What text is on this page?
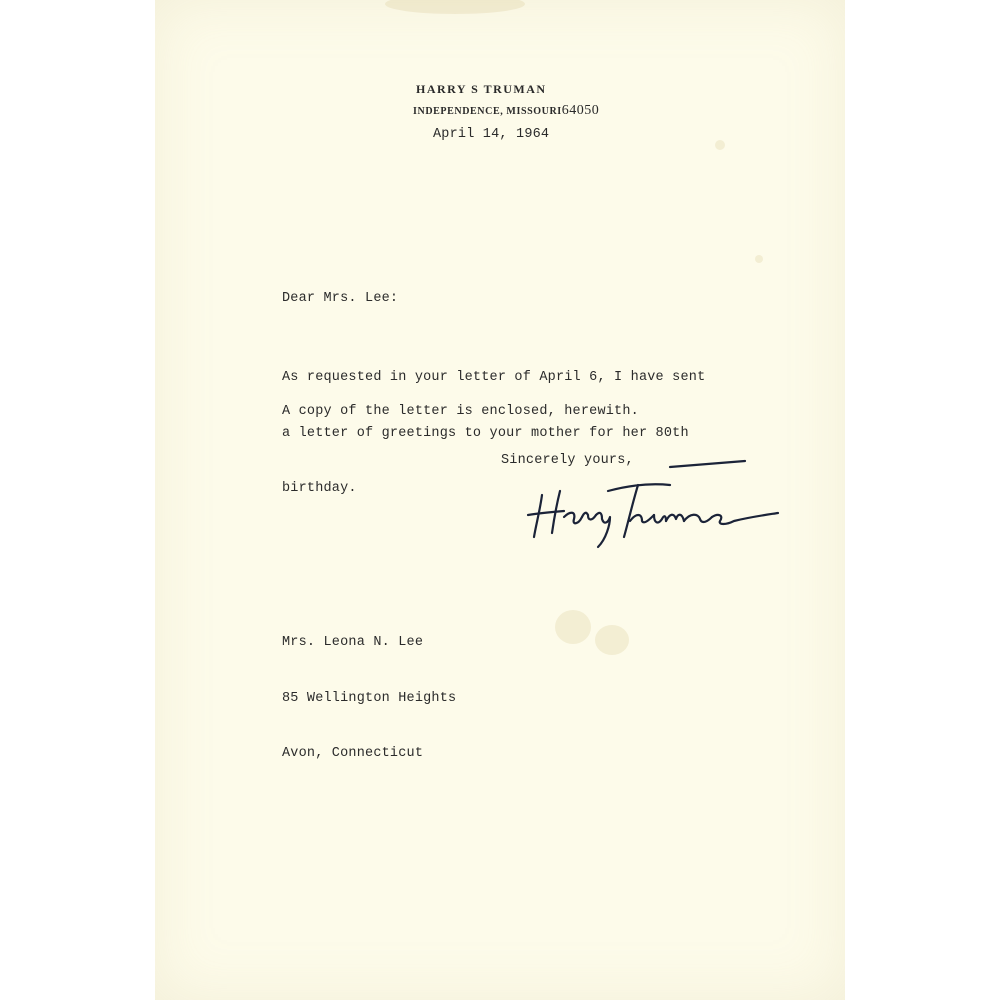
HARRY S TRUMAN
INDEPENDENCE, MISSOURI64050
April 14, 1964
Dear Mrs. Lee:

As requested in your letter of April 6, I have sent

a letter of greetings to your mother for her 80th

birthday.

A copy of the letter is enclosed, herewith.
Sincerely yours,

Mrs. Leona N. Lee

85 Wellington Heights

Avon, Connecticut
